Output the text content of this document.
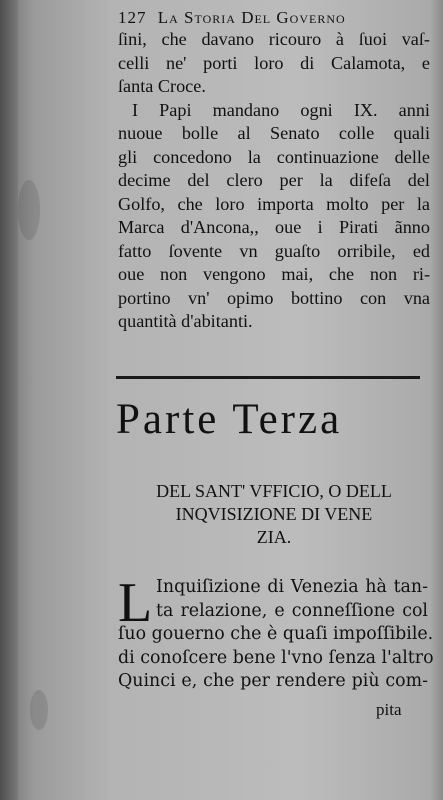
127 La Storia Del Governo
ſini, che davano ricouro à ſuoi vaſ-
celli ne' porti loro di Calamota, e
ſanta Croce.
I Papi mandano ogni IX. anni
nuoue bolle al Senato colle quali
gli concedono la continuazione delle
decime del clero per la difeſa del
Golfo, che loro importa molto per la
Marca d'Ancona,, oue i Pirati ãnno
fatto ſovente vn guaſto orribile, ed
oue non vengono mai, che non ri-
portino vn' opimo bottino con vna
quantità d'abitanti.
Parte Terza
DEL SANT' VFFICIO, O DELL
INQVISIZIONE DI VENE
ZIA.
L Inquiſizione di Venezia hà tan-
ta relazione, e conneſſione col
ſuo gouerno che è quaſi impoſſibile.
di conoſcere bene l'vno ſenza l'altro
Quinci e, che per rendere più com-
pita
